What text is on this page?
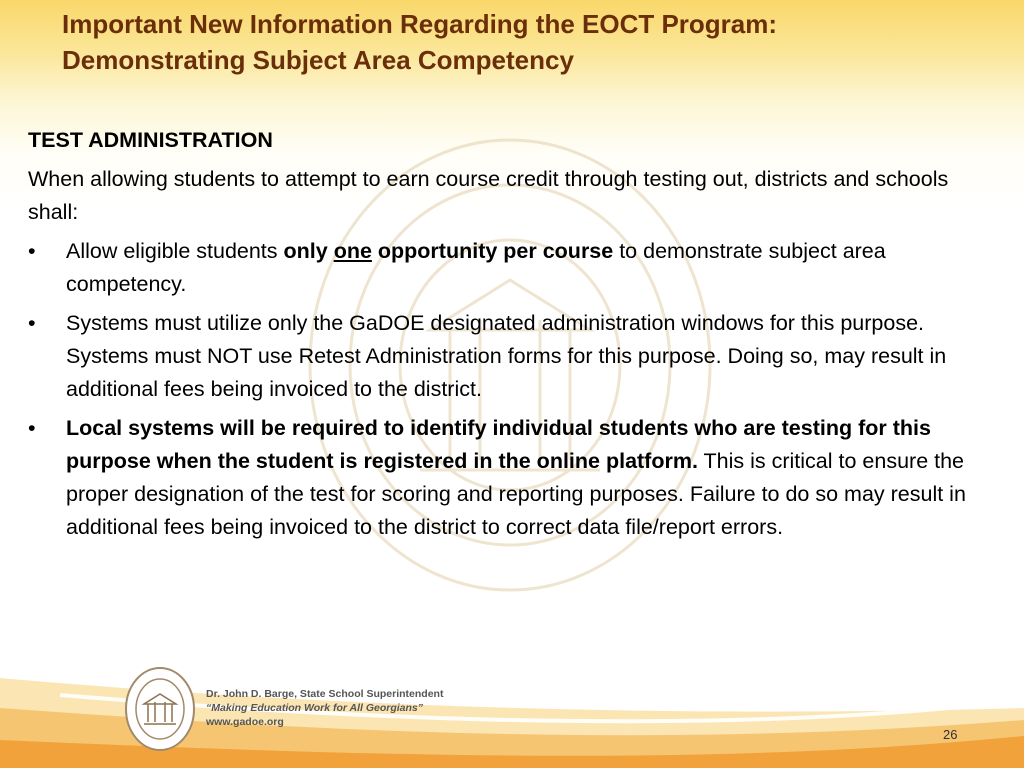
Important New Information Regarding the EOCT Program:
Demonstrating Subject Area Competency
TEST ADMINISTRATION
When allowing students to attempt to earn course credit through testing out, districts and schools shall:
• Allow eligible students only one opportunity per course to demonstrate subject area competency.
• Systems must utilize only the GaDOE designated administration windows for this purpose. Systems must NOT use Retest Administration forms for this purpose. Doing so, may result in additional fees being invoiced to the district.
• Local systems will be required to identify individual students who are testing for this purpose when the student is registered in the online platform. This is critical to ensure the proper designation of the test for scoring and reporting purposes. Failure to do so may result in additional fees being invoiced to the district to correct data file/report errors.
Dr. John D. Barge, State School Superintendent
“Making Education Work for All Georgians”
www.gadoe.org
26
